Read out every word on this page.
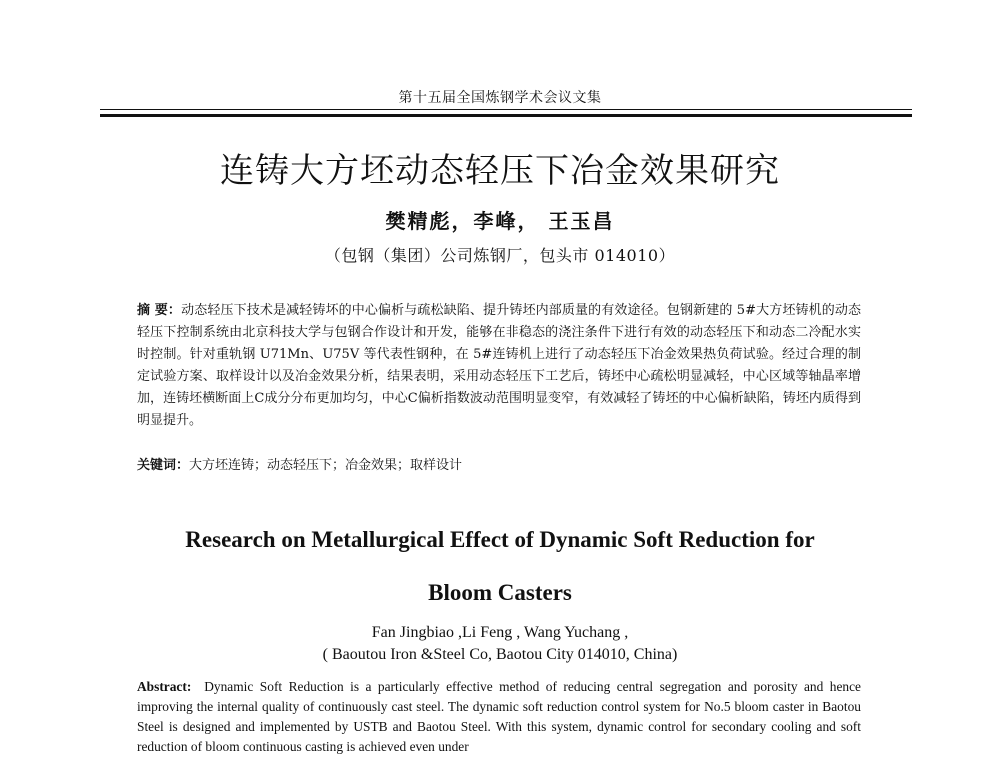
第十五届全国炼钢学术会议文集
连铸大方坯动态轻压下冶金效果研究
樊精彪，李峰， 王玉昌
（包钢（集团）公司炼钢厂，包头市 014010）
摘 要：动态轻压下技术是减轻铸坏的中心偏析与疏松缺陷、提升铸坯内部质量的有效途径。包钢新建的 5#大方坯铸机的动态轻压下控制系统由北京科技大学与包钢合作设计和开发，能够在非稳态的浇注条件下进行有效的动态轻压下和动态二冷配水实时控制。针对重轨钢 U71Mn、U75V 等代表性钢种，在 5#连铸机上进行了动态轻压下冶金效果热负荷试验。经过合理的制定试验方案、取样设计以及冶金效果分析，结果表明，采用动态轻压下工艺后，铸坯中心疏松明显减轻，中心区域等轴晶率增加，连铸坯横断面上C成分分布更加均匀，中心C偏析指数波动范围明显变窄，有效减轻了铸坯的中心偏析缺陷，铸坯内质得到明显提升。
关键词：大方坯连铸；动态轻压下；冶金效果；取样设计
Research on Metallurgical Effect of Dynamic Soft Reduction for
Bloom Casters
Fan Jingbiao ,Li Feng , Wang Yuchang ,
( Baoutou Iron &Steel Co, Baotou City 014010, China)
Abstract: Dynamic Soft Reduction is a particularly effective method of reducing central segregation and porosity and hence improving the internal quality of continuously cast steel. The dynamic soft reduction control system for No.5 bloom caster in Baotou Steel is designed and implemented by USTB and Baotou Steel. With this system, dynamic control for secondary cooling and soft reduction of bloom continuous casting is achieved even under
